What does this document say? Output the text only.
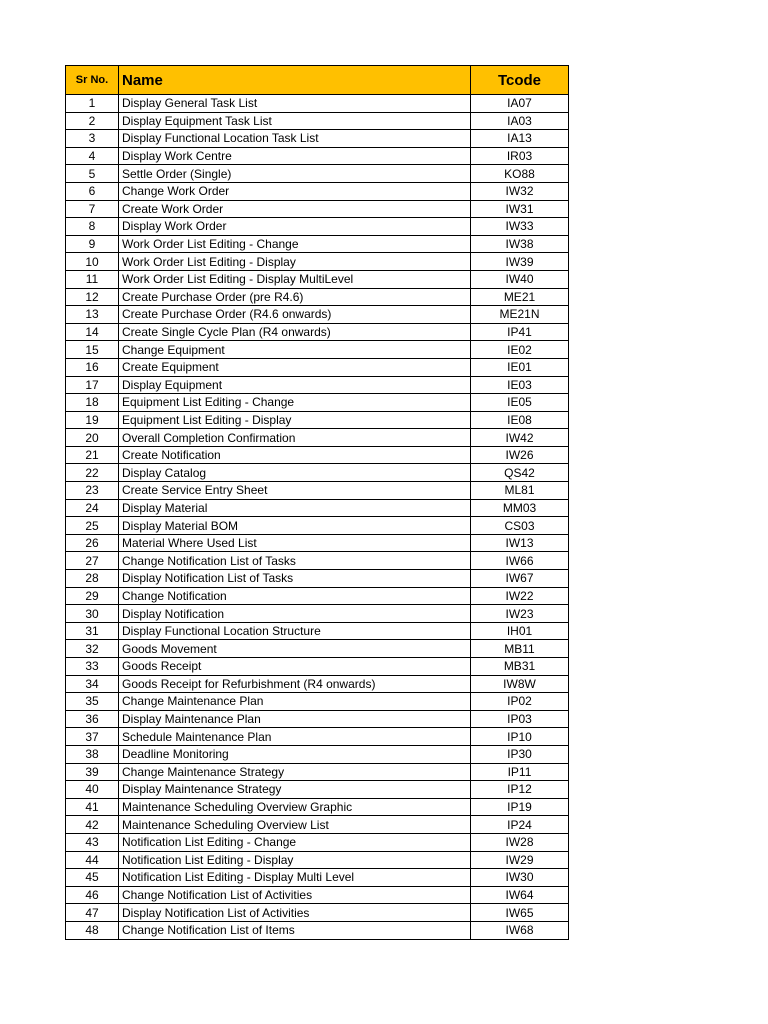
Sr No.	Name	Tcode
1	Display General Task List	IA07
2	Display Equipment Task List	IA03
3	Display Functional Location Task List	IA13
4	Display Work Centre	IR03
5	Settle Order (Single)	KO88
6	Change Work Order	IW32
7	Create Work Order	IW31
8	Display Work Order	IW33
9	Work Order List Editing - Change	IW38
10	Work Order List Editing - Display	IW39
11	Work Order List Editing - Display MultiLevel	IW40
12	Create Purchase Order (pre R4.6)	ME21
13	Create Purchase Order (R4.6 onwards)	ME21N
14	Create Single Cycle Plan (R4 onwards)	IP41
15	Change Equipment	IE02
16	Create Equipment	IE01
17	Display Equipment	IE03
18	Equipment List Editing - Change	IE05
19	Equipment List Editing - Display	IE08
20	Overall Completion Confirmation	IW42
21	Create Notification	IW26
22	Display Catalog	QS42
23	Create Service Entry Sheet	ML81
24	Display Material	MM03
25	Display Material BOM	CS03
26	Material Where Used List	IW13
27	Change Notification List of Tasks	IW66
28	Display Notification List of Tasks	IW67
29	Change Notification	IW22
30	Display Notification	IW23
31	Display Functional Location Structure	IH01
32	Goods Movement	MB11
33	Goods Receipt	MB31
34	Goods Receipt for Refurbishment (R4 onwards)	IW8W
35	Change Maintenance Plan	IP02
36	Display Maintenance Plan	IP03
37	Schedule Maintenance Plan	IP10
38	Deadline Monitoring	IP30
39	Change Maintenance Strategy	IP11
40	Display Maintenance Strategy	IP12
41	Maintenance Scheduling Overview Graphic	IP19
42	Maintenance Scheduling Overview List	IP24
43	Notification List Editing - Change	IW28
44	Notification List Editing - Display	IW29
45	Notification List Editing - Display Multi Level	IW30
46	Change Notification List of Activities	IW64
47	Display Notification List of Activities	IW65
48	Change Notification List of Items	IW68
